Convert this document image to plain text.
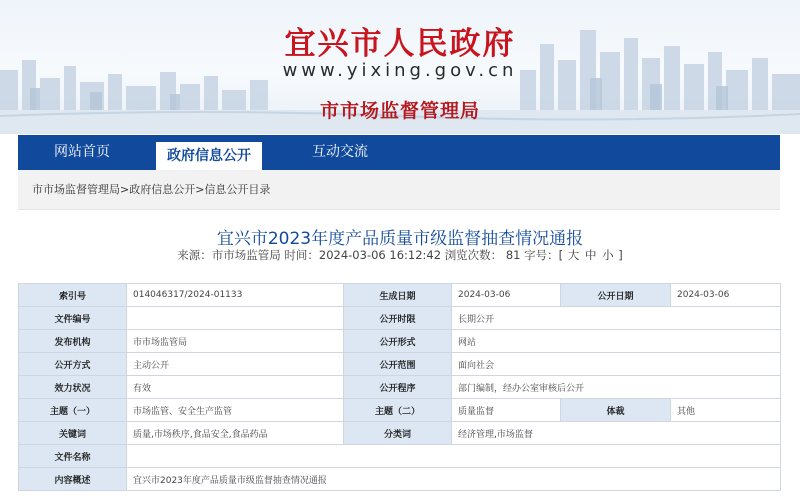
宜兴市人民政府
www.yixing.gov.cn
市市场监督管理局
网站首页	政府信息公开	互动交流
市市场监督管理局>政府信息公开>信息公开目录
宜兴市2023年度产品质量市级监督抽查情况通报
来源：市市场监管局 时间：2024-03-06 16:12:42 浏览次数： 81 字号：[ 大 中 小 ]
索引号	014046317/2024-01133	生成日期	2024-03-06	公开日期	2024-03-06
文件编号		公开时限	长期公开		
发布机构	市市场监管局	公开形式	网站		
公开方式	主动公开	公开范围	面向社会		
效力状况	有效	公开程序	部门编制，经办公室审核后公开		
主题（一）	市场监管、安全生产监管	主题（二）	质量监督	体裁	其他
关键词	质量,市场秩序,食品安全,食品药品	分类词	经济管理,市场监督		
文件名称					
内容概述	宜兴市2023年度产品质量市级监督抽查情况通报				
